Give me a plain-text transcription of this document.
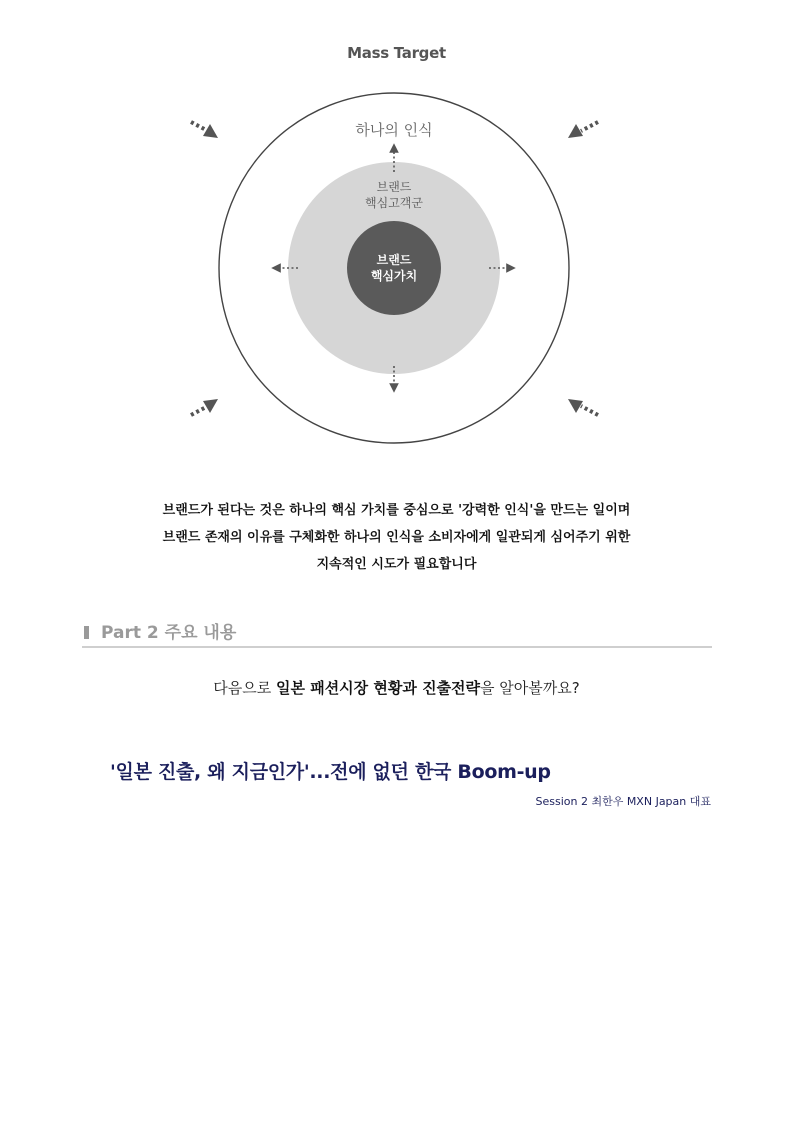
Mass Target
하나의 인식
브랜드
핵심고객군
브랜드
핵심가치
브랜드가 된다는 것은 하나의 핵심 가치를 중심으로 '강력한 인식'을 만드는 일이며
브랜드 존재의 이유를 구체화한 하나의 인식을 소비자에게 일관되게 심어주기 위한
지속적인 시도가 필요합니다
Part 2 주요 내용
다음으로 일본 패션시장 현황과 진출전략을 알아볼까요?
'일본 진출, 왜 지금인가'...전에 없던 한국 Boom-up
Session 2 최한우 MXN Japan 대표
